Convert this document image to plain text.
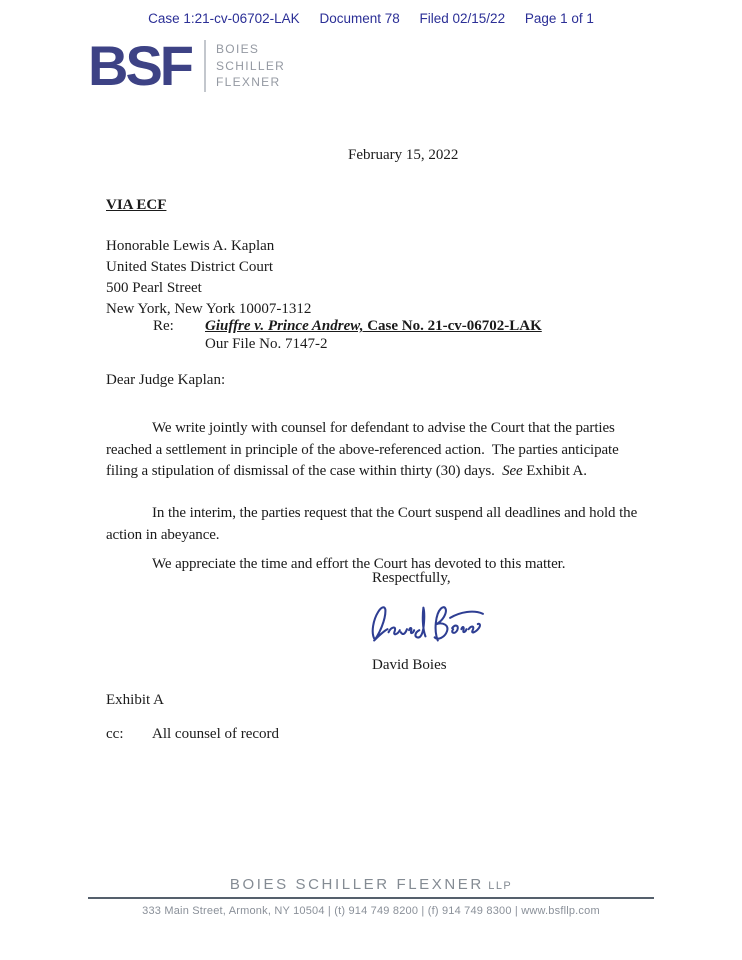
Case 1:21-cv-06702-LAK Document 78 Filed 02/15/22 Page 1 of 1
BSF BOIES
SCHILLER
FLEXNER
February 15, 2022
VIA ECF
Honorable Lewis A. Kaplan
United States District Court
500 Pearl Street
New York, New York 10007-1312
Re:	Giuffre v. Prince Andrew, Case No. 21-cv-06702-LAK
Our File No. 7147-2
Dear Judge Kaplan:

We write jointly with counsel for defendant to advise the Court that the parties reached a settlement in principle of the above-referenced action.  The parties anticipate filing a stipulation of dismissal of the case within thirty (30) days.  See Exhibit A.

In the interim, the parties request that the Court suspend all deadlines and hold the action in abeyance.

We appreciate the time and effort the Court has devoted to this matter.

Respectfully,
David Boies
Exhibit A
cc:	All counsel of record
BOIES SCHILLER FLEXNER LLP
333 Main Street, Armonk, NY 10504 | (t) 914 749 8200 | (f) 914 749 8300 | www.bsfllp.com
